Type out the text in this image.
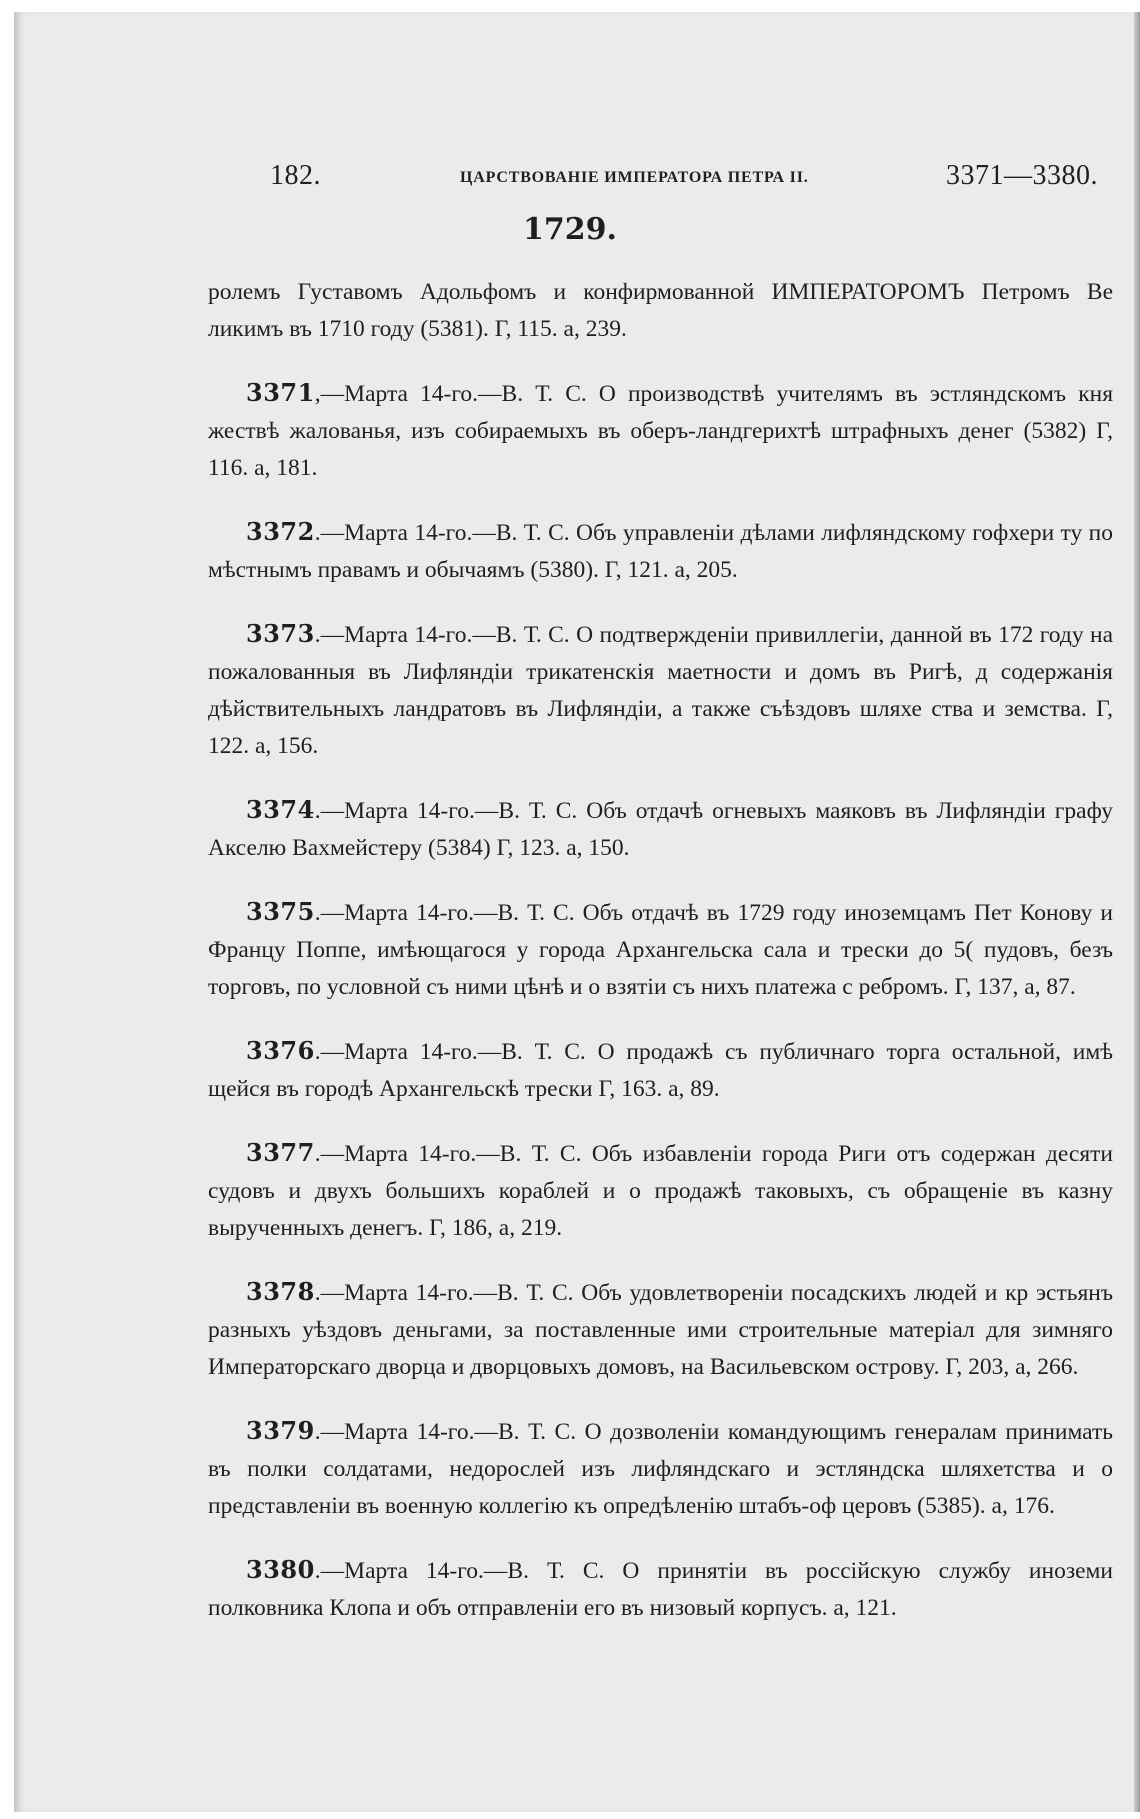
182.	ЦАРСТВОВАНІЕ ИМПЕРАТОРА ПЕТРА II.	3371—3380.
1729.

ролемъ Густавомъ Адольфомъ и конфирмованной ИМПЕРАТОРОМЪ Петромъ Be ликимъ въ 1710 году (5381). Г, 115. а, 239.

3371,—Марта 14-го.—В. Т. С. О производствѣ учителямъ въ эстляндскомъ кня жествѣ жалованья, изъ собираемыхъ въ оберъ-ландгерихтѣ штрафныхъ денег (5382) Г, 116. а, 181.

3372.—Марта 14-го.—В. Т. С. Объ управленіи дѣлами лифляндскому гофхери ту по мѣстнымъ правамъ и обычаямъ (5380). Г, 121. а, 205.

3373.—Марта 14-го.—В. Т. С. О подтвержденіи привиллегіи, данной въ 172 году на пожалованныя въ Лифляндіи трикатенскія маетности и домъ въ Ригѣ, д содержанія дѣйствительныхъ ландратовъ въ Лифляндіи, а также съѣздовъ шляхе ства и земства. Г, 122. а, 156.

3374.—Марта 14-го.—В. Т. С. Объ отдачѣ огневыхъ маяковъ въ Лифляндіи графу Акселю Вахмейстеру (5384) Г, 123. а, 150.

3375.—Марта 14-го.—В. Т. С. Объ отдачѣ въ 1729 году иноземцамъ Пет Конову и Францу Поппе, имѣющагося у города Архангельска сала и трески до 5( пудовъ, безъ торговъ, по условной съ ними цѣнѣ и о взятіи съ нихъ платежа с ребромъ. Г, 137, а, 87.

3376.—Марта 14-го.—В. Т. С. О продажѣ съ публичнаго торга остальной, имѣ щейся въ городѣ Архангельскѣ трески Г, 163. а, 89.

3377.—Марта 14-го.—В. Т. С. Объ избавленіи города Риги отъ содержан десяти судовъ и двухъ большихъ кораблей и о продажѣ таковыхъ, съ обращеніе въ казну вырученныхъ денегъ. Г, 186, а, 219.

3378.—Марта 14-го.—В. Т. С. Объ удовлетвореніи посадскихъ людей и кр эстьянъ разныхъ уѣздовъ деньгами, за поставленные ими строительные матеріал для зимняго Императорскаго дворца и дворцовыхъ домовъ, на Васильевском островy. Г, 203, а, 266.

3379.—Марта 14-го.—В. Т. С. О дозволеніи командующимъ генералам принимать въ полки солдатами, недорослей изъ лифляндскаго и эстляндска шляхетства и о представленіи въ военную коллегію къ опредѣленію штабъ-оф церовъ (5385). а, 176.

3380.—Марта 14-го.—В. Т. С. О принятіи въ россійскую службу иноземи полковника Клопа и объ отправленіи его въ низовый корпусъ. а, 121.
